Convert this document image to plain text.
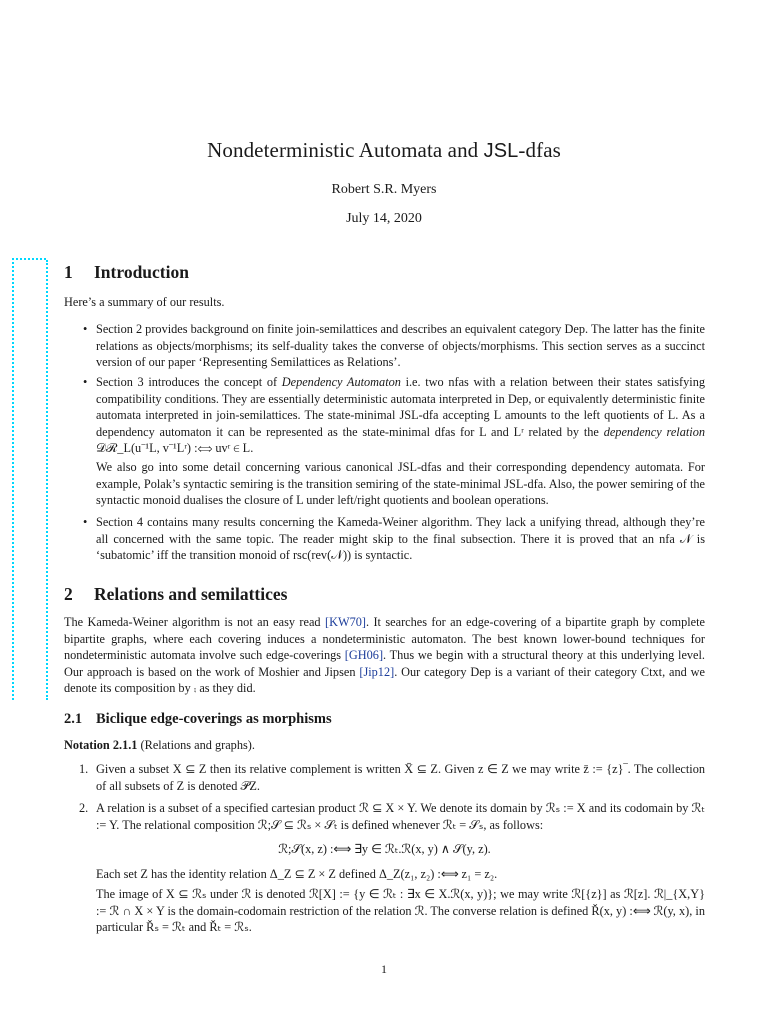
Nondeterministic Automata and JSL-dfas
Robert S.R. Myers
July 14, 2020
1 Introduction
Here’s a summary of our results.
• Section 2 provides background on finite join-semilattices and describes an equivalent category Dep. The latter has the finite relations as objects/morphisms; its self-duality takes the converse of objects/morphisms. This section serves as a succinct version of our paper ‘Representing Semilattices as Relations’.

• Section 3 introduces the concept of Dependency Automaton i.e. two nfas with a relation between their states satisfying compatibility conditions. They are essentially deterministic automata interpreted in Dep, or equivalently deterministic finite automata interpreted in join-semilattices. The state-minimal JSL-dfa accepting L amounts to the left quotients of L. As a dependency automaton it can be represented as the state-minimal dfas for L and Lʳ related by the dependency relation 𝒟ℛ_L(u⁻¹L, v⁻¹Lʳ) :⟺ uvʳ ∈ L.

We also go into some detail concerning various canonical JSL-dfas and their corresponding dependency automata. For example, Polak’s syntactic semiring is the transition semiring of the state-minimal JSL-dfa. Also, the power semiring of the syntactic monoid dualises the closure of L under left/right quotients and boolean operations.
• Section 4 contains many results concerning the Kameda-Weiner algorithm. They lack a unifying thread, although they’re all concerned with the same topic. The reader might skip to the final subsection. There it is proved that an nfa 𝒩 is ‘subatomic’ iff the transition monoid of rsc(rev(𝒩)) is syntactic.

2 Relations and semilattices
The Kameda-Weiner algorithm is not an easy read [KW70]. It searches for an edge-covering of a bipartite graph by complete bipartite graphs, where each covering induces a nondeterministic automaton. The best known lower-bound techniques for nondeterministic automata involve such edge-coverings [GH06]. Thus we begin with a structural theory at this underlying level. Our approach is based on the work of Moshier and Jipsen [Jip12]. Our category Dep is a variant of their category Ctxt, and we denote its composition by ⨾ as they did.
2.1 Biclique edge-coverings as morphisms
Notation 2.1.1 (Relations and graphs).
1. Given a subset X ⊆ Z then its relative complement is written X̄ ⊆ Z. Given z ∈ Z we may write z̄ := {z}‾. The collection of all subsets of Z is denoted 𝒫Z.

2. A relation is a subset of a specified cartesian product ℛ ⊆ X × Y. We denote its domain by ℛₛ := X and its codomain by ℛₜ := Y. The relational composition ℛ;𝒮 ⊆ ℛₛ × 𝒮ₜ is defined whenever ℛₜ = 𝒮ₛ, as follows:

ℛ;𝒮(x, z) :⟺ ∃y ∈ ℛₜ.ℛ(x, y) ∧ 𝒮(y, z).
Each set Z has the identity relation Δ_Z ⊆ Z × Z defined Δ_Z(z₁, z₂) :⟺ z₁ = z₂.
The image of X ⊆ ℛₛ under ℛ is denoted ℛ[X] := {y ∈ ℛₜ : ∃x ∈ X.ℛ(x, y)}; we may write ℛ[{z}] as ℛ[z]. ℛ|_{X,Y} := ℛ ∩ X × Y is the domain-codomain restriction of the relation ℛ. The converse relation is defined Ř(x, y) :⟺ ℛ(y, x), in particular Řₛ = ℛₜ and Řₜ = ℛₛ.
1
